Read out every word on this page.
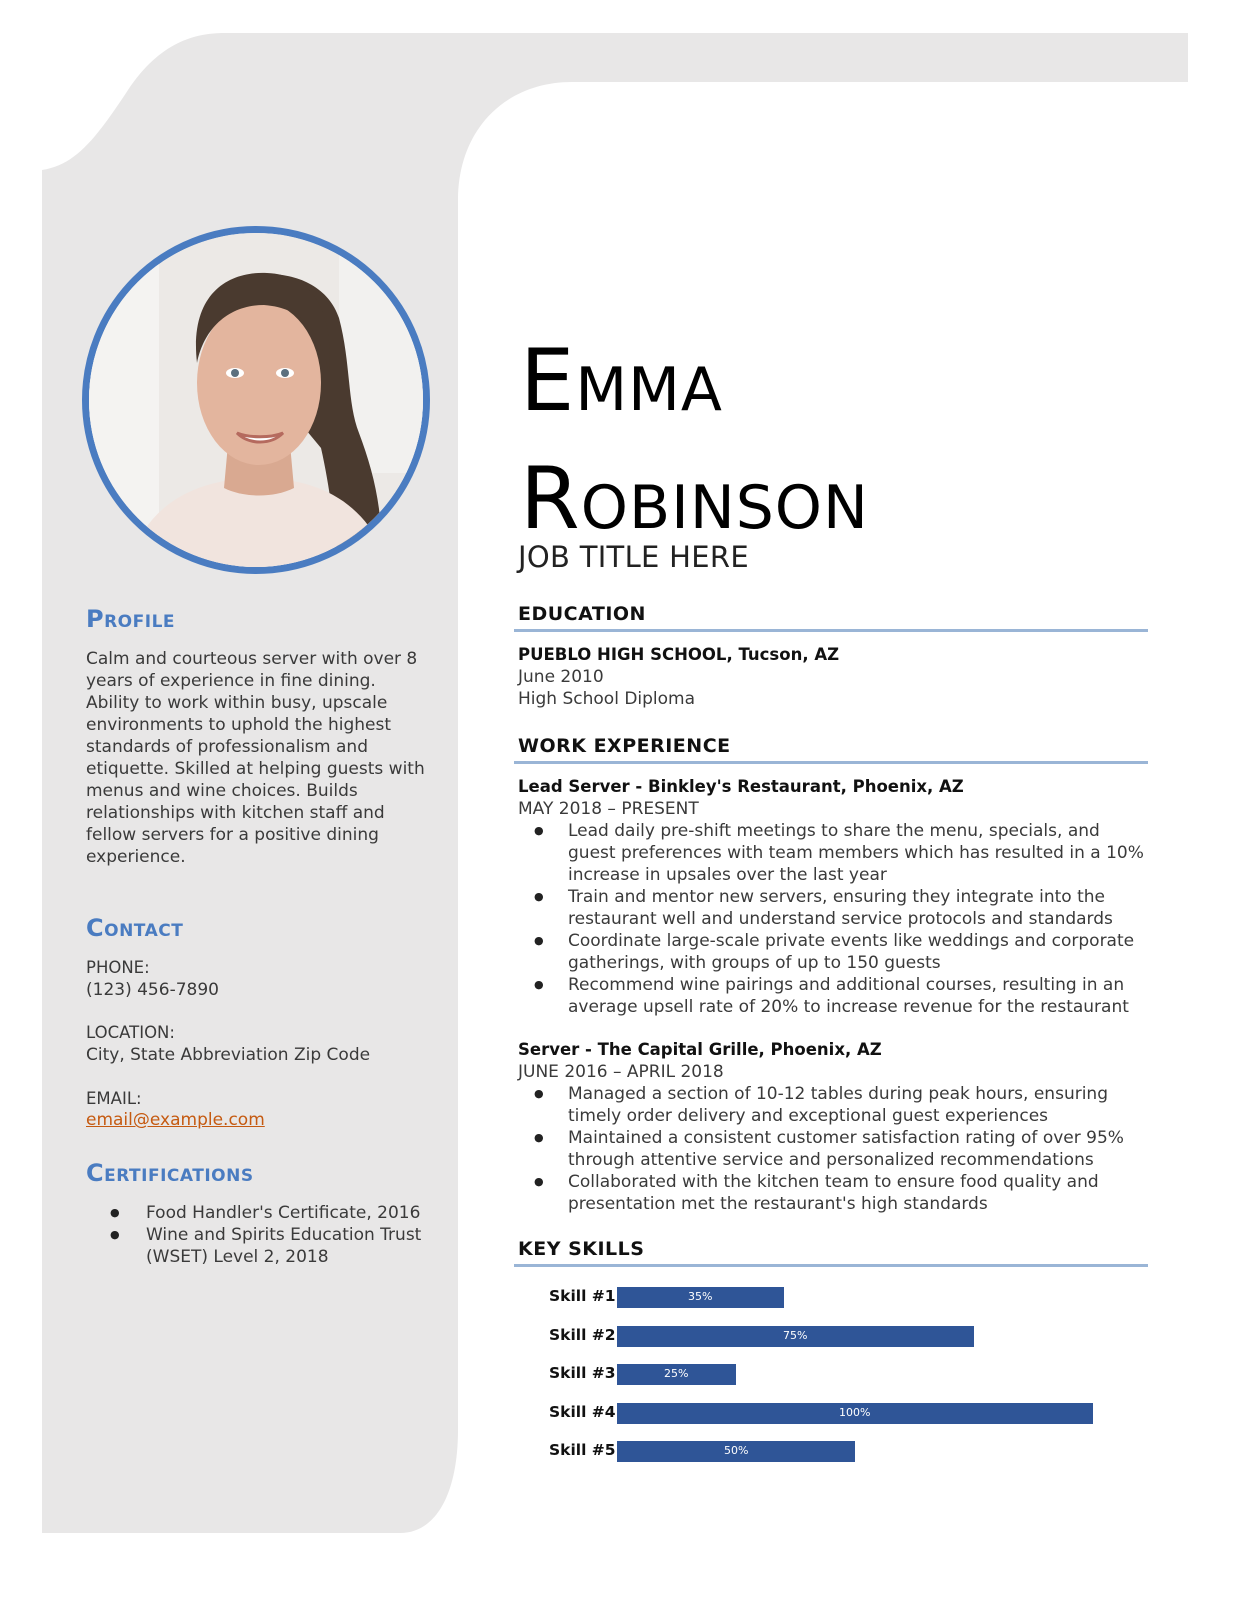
Profile

Calm and courteous server with over 8 years of experience in fine dining. Ability to work within busy, upscale environments to uphold the highest standards of professionalism and etiquette. Skilled at helping guests with menus and wine choices. Builds relationships with kitchen staff and fellow servers for a positive dining experience.

Contact
PHONE:
(123) 456-7890
LOCATION:
City, State Abbreviation Zip Code
EMAIL:
email@example.com
Certifications
● Food Handler's Certificate, 2016
● Wine and Spirits Education Trust (WSET) Level 2, 2018
Emma
Robinson
JOB TITLE HERE
EDUCATION
PUEBLO HIGH SCHOOL, Tucson, AZ
June 2010
High School Diploma
WORK EXPERIENCE
Lead Server - Binkley's Restaurant, Phoenix, AZ
MAY 2018 – PRESENT
● Lead daily pre-shift meetings to share the menu, specials, and guest preferences with team members which has resulted in a 10% increase in upsales over the last year
● Train and mentor new servers, ensuring they integrate into the restaurant well and understand service protocols and standards
● Coordinate large-scale private events like weddings and corporate gatherings, with groups of up to 150 guests
● Recommend wine pairings and additional courses, resulting in an average upsell rate of 20% to increase revenue for the restaurant
Server - The Capital Grille, Phoenix, AZ
JUNE 2016 – APRIL 2018
● Managed a section of 10-12 tables during peak hours, ensuring timely order delivery and exceptional guest experiences
● Maintained a consistent customer satisfaction rating of over 95% through attentive service and personalized recommendations
● Collaborated with the kitchen team to ensure food quality and presentation met the restaurant's high standards
KEY SKILLS
Skill #1	35%
Skill #2	75%
Skill #3	25%
Skill #4	100%
Skill #5	50%
